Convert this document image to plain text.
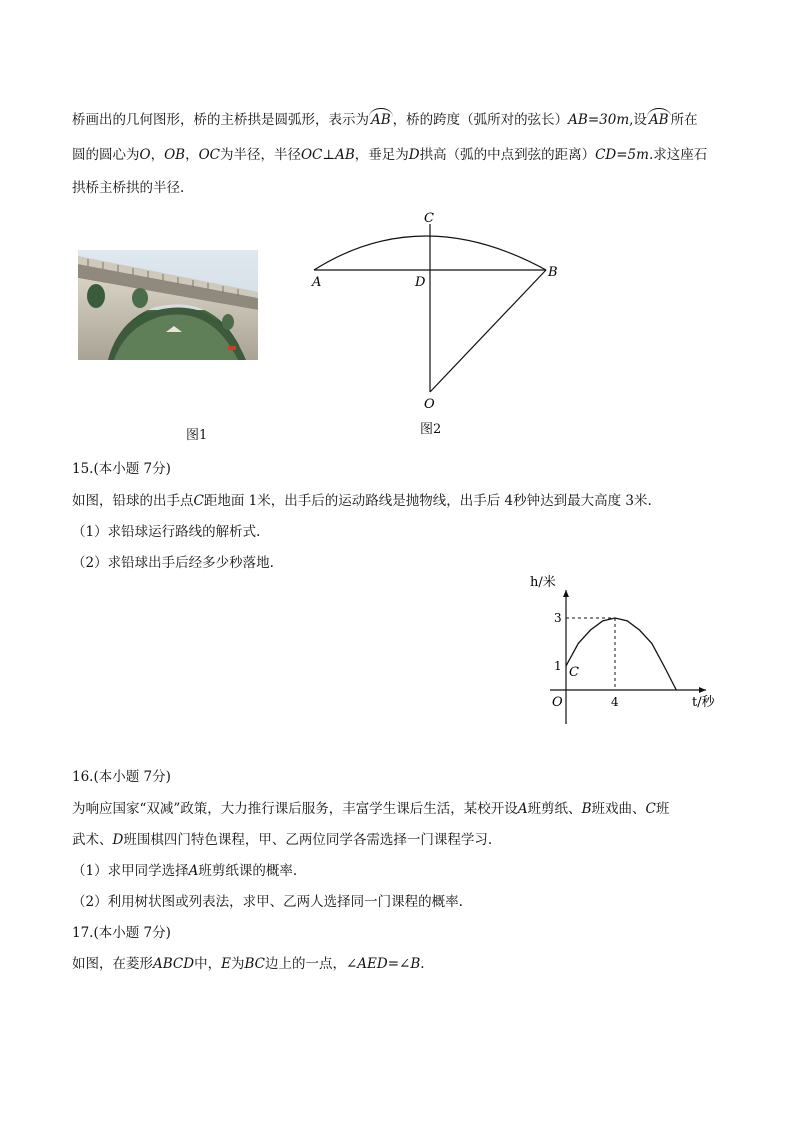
桥画出的几何图形，桥的主桥拱是圆弧形，表示为 AB ，桥的跨度（弧所对的弦长）AB=30m,设 AB 所在

圆的圆心为O，OB，OC为半径，半径OC⊥AB，垂足为D拱高（弧的中点到弦的距离）CD=5m.求这座石

拱桥主桥拱的半径.

图1
C
A	D
B
O
图2

15.(本小题 7分)

如图，铅球的出手点C距地面 1米，出手后的运动路线是抛物线，出手后 4秒钟达到最大高度 3米.

（1）求铅球运行路线的解析式.

（2）求铅球出手后经多少秒落地.

h/米
t/秒
O
C
1
3
4

16.(本小题 7分)

为响应国家“双减”政策，大力推行课后服务，丰富学生课后生活，某校开设A班剪纸、B班戏曲、C班

武术、D班围棋四门特色课程，甲、乙两位同学各需选择一门课程学习.

（1）求甲同学选择A班剪纸课的概率.

（2）利用树状图或列表法，求甲、乙两人选择同一门课程的概率.

17.(本小题 7分)

如图，在菱形ABCD中，E为BC边上的一点，∠AED=∠B.
